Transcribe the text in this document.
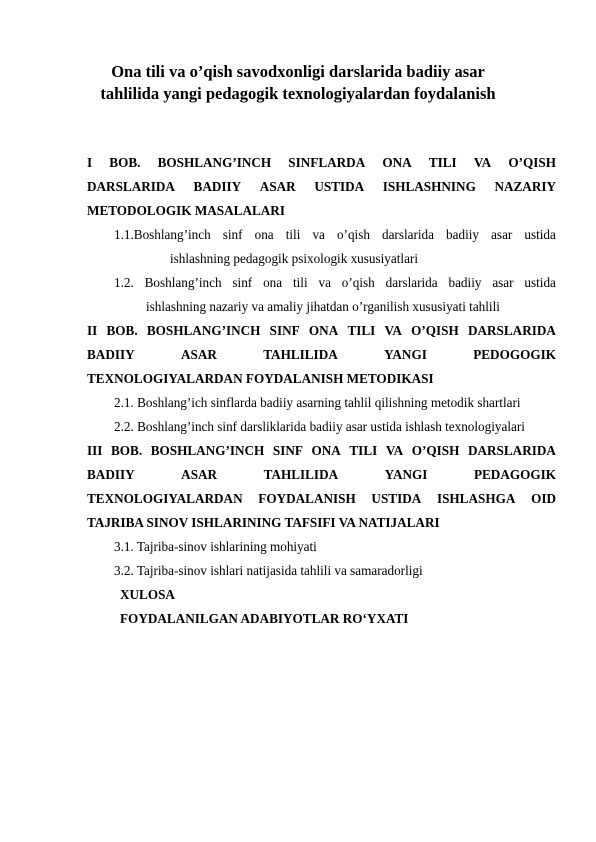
Ona tili va o’qish savodxonligi darslarida badiiy asar
tahlilida yangi pedagogik texnologiyalardan foydalanish
I BOB. BOSHLANG’INCH SINFLARDA ONA TILI VA O’QISH
DARSLARIDA BADIIY ASAR USTIDA ISHLASHNING NAZARIY
METODOLOGIK MASALALARI
1.1.Boshlang’inch sinf ona tili va o’qish darslarida badiiy asar ustida
ishlashning pedagogik psixologik xususiyatlari
1.2. Boshlang’inch sinf ona tili va o’qish darslarida badiiy asar ustida
ishlashning nazariy va amaliy jihatdan o’rganilish xususiyati tahlili
II BOB. BOSHLANG’INCH SINF ONA TILI VA O’QISH DARSLARIDA
BADIIY	ASAR	TAHLILIDA	YANGI	PEDOGOGIK
TEXNOLOGIYALARDAN FOYDALANISH METODIKASI
2.1. Boshlang’ich sinflarda badiiy asarning tahlil qilishning metodik shartlari
2.2. Boshlang’inch sinf darsliklarida badiiy asar ustida ishlash texnologiyalari
III BOB. BOSHLANG’INCH SINF ONA TILI VA O’QISH DARSLARIDA
BADIIY	ASAR	TAHLILIDA	YANGI	PEDAGOGIK
TEXNOLOGIYALARDAN FOYDALANISH USTIDA ISHLASHGA OID
TAJRIBA SINOV ISHLARINING TAFSIFI VA NATIJALARI
3.1. Tajriba-sinov ishlarining mohiyati
3.2. Tajriba-sinov ishlari natijasida tahlili va samaradorligi
XULOSA
FOYDALANILGAN ADABIYOTLAR RO‘YXATI
